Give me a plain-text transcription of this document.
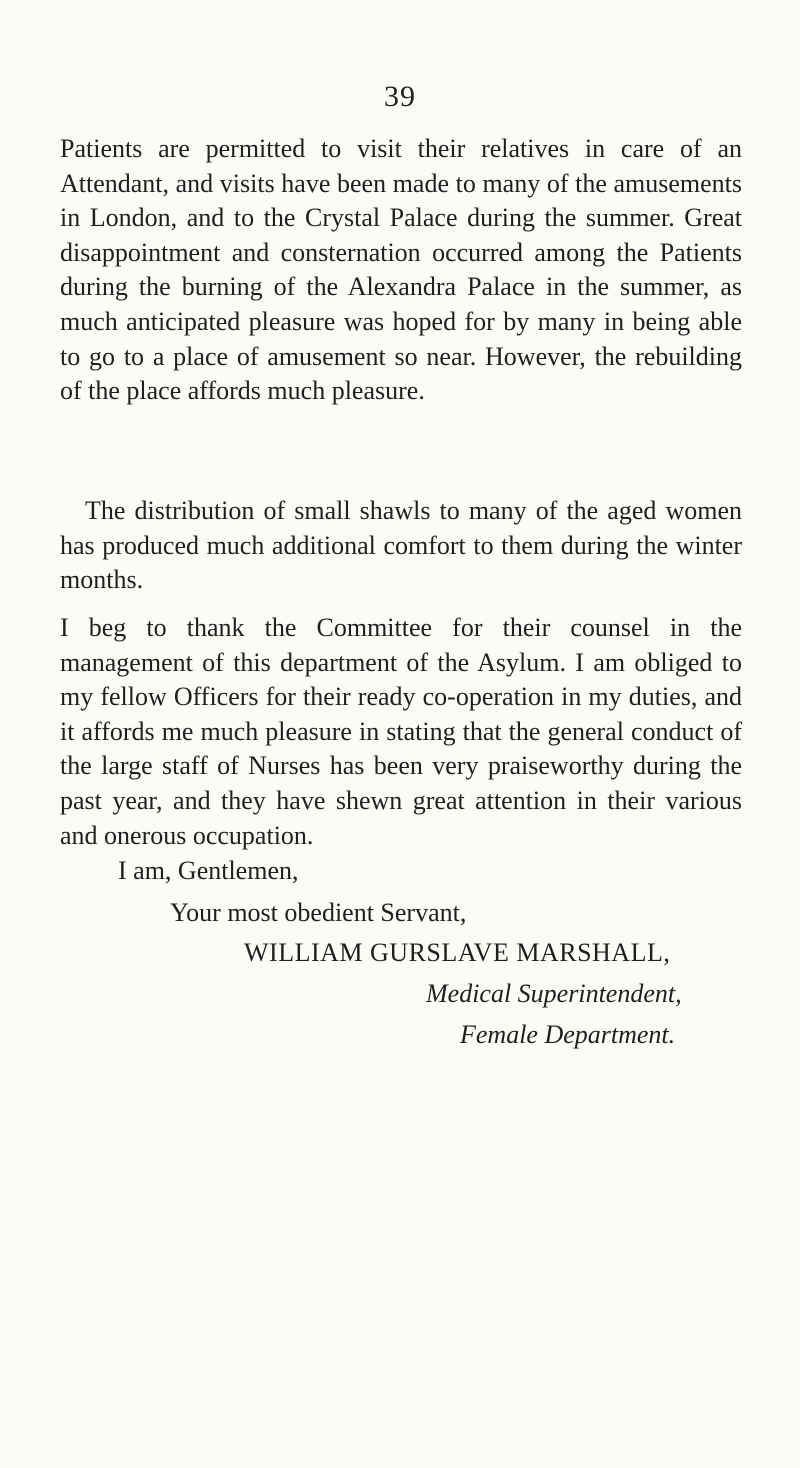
39

Patients are permitted to visit their relatives in care of an Attendant, and visits have been made to many of the amusements in London, and to the Crystal Palace during the summer. Great disappointment and consternation occurred among the Patients during the burning of the Alexandra Palace in the summer, as much anticipated pleasure was hoped for by many in being able to go to a place of amusement so near. However, the rebuilding of the place affords much pleasure.

The distribution of small shawls to many of the aged women has produced much additional comfort to them during the winter months.

I beg to thank the Committee for their counsel in the management of this department of the Asylum. I am obliged to my fellow Officers for their ready co-operation in my duties, and it affords me much pleasure in stating that the general conduct of the large staff of Nurses has been very praiseworthy during the past year, and they have shewn great attention in their various and onerous occupation.

I am, Gentlemen,
Your most obedient Servant,
WILLIAM GURSLAVE MARSHALL,
Medical Superintendent,
Female Department.
